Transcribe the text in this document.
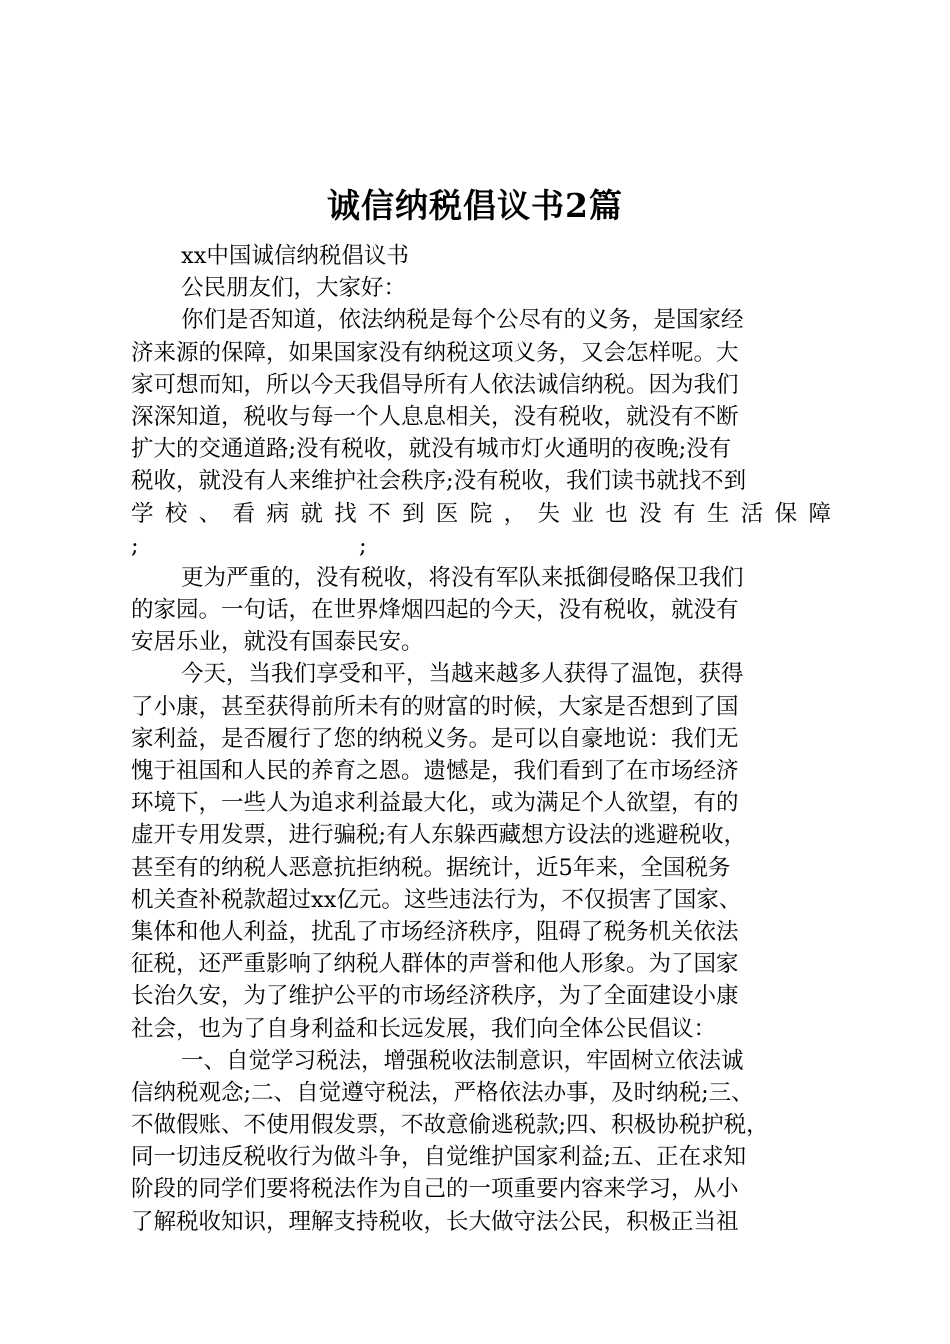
诚信纳税倡议书2篇

xx中国诚信纳税倡议书

公民朋友们，大家好：

你们是否知道，依法纳税是每个公尽有的义务，是国家经

济来源的保障，如果国家没有纳税这项义务，又会怎样呢。大

家可想而知，所以今天我倡导所有人依法诚信纳税。因为我们

深深知道，税收与每一个人息息相关，没有税收，就没有不断

扩大的交通道路;没有税收，就没有城市灯火通明的夜晚;没有

税收，就没有人来维护社会秩序;没有税收，我们读书就找不到

学校、看病就找不到医院，失业也没有生活保障

;	;

更为严重的，没有税收，将没有军队来抵御侵略保卫我们

的家园。一句话，在世界烽烟四起的今天，没有税收，就没有

安居乐业，就没有国泰民安。

今天，当我们享受和平，当越来越多人获得了温饱，获得

了小康，甚至获得前所未有的财富的时候，大家是否想到了国

家利益，是否履行了您的纳税义务。是可以自豪地说：我们无

愧于祖国和人民的养育之恩。遗憾是，我们看到了在市场经济

环境下，一些人为追求利益最大化，或为满足个人欲望，有的

虚开专用发票，进行骗税;有人东躲西藏想方设法的逃避税收，

甚至有的纳税人恶意抗拒纳税。据统计，近5年来，全国税务

机关查补税款超过xx亿元。这些违法行为，不仅损害了国家、

集体和他人利益，扰乱了市场经济秩序，阻碍了税务机关依法

征税，还严重影响了纳税人群体的声誉和他人形象。为了国家

长治久安，为了维护公平的市场经济秩序，为了全面建设小康

社会，也为了自身利益和长远发展，我们向全体公民倡议：

一、自觉学习税法，增强税收法制意识，牢固树立依法诚

信纳税观念;二、自觉遵守税法，严格依法办事，及时纳税;三、

不做假账、不使用假发票，不故意偷逃税款;四、积极协税护税，

同一切违反税收行为做斗争，自觉维护国家利益;五、正在求知

阶段的同学们要将税法作为自己的一项重要内容来学习，从小

了解税收知识，理解支持税收，长大做守法公民，积极正当祖
